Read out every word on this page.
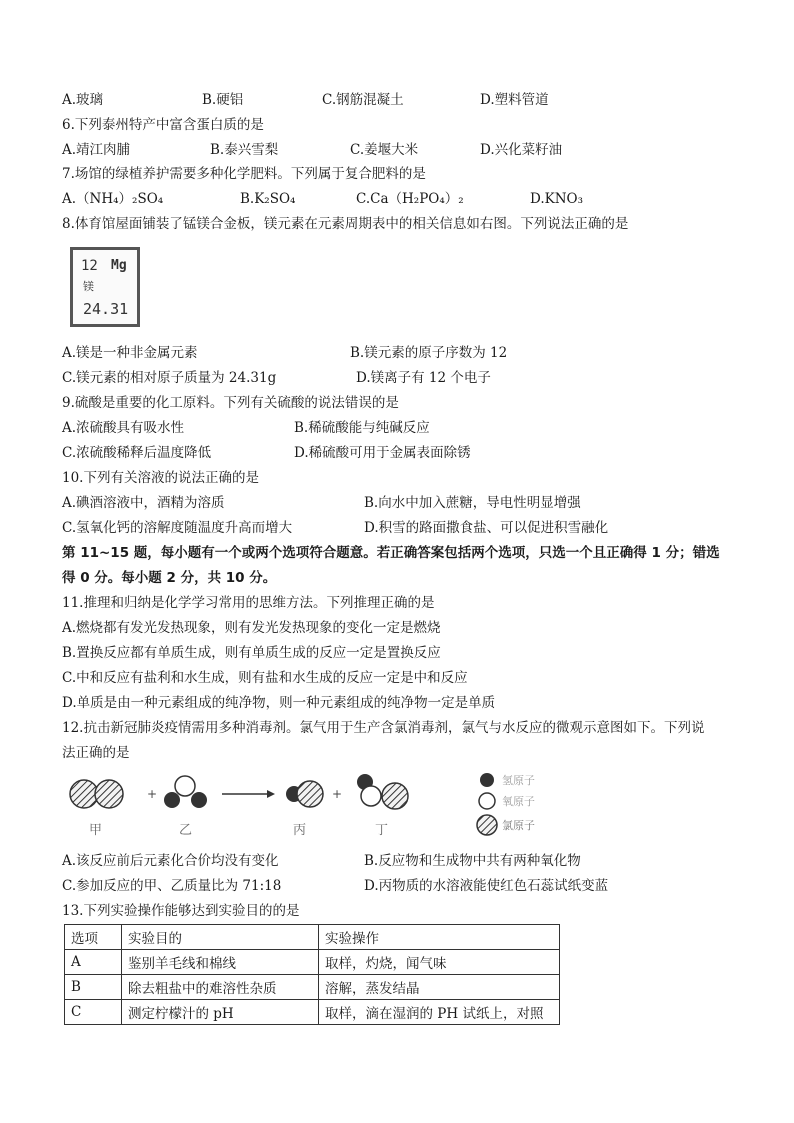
A.玻璃	B.硬铝	C.钢筋混凝土	D.塑料管道
6.下列泰州特产中富含蛋白质的是
A.靖江肉脯	B.泰兴雪梨	C.姜堰大米	D.兴化菜籽油
7.场馆的绿植养护需要多种化学肥料。下列属于复合肥料的是
A.（NH₄）₂SO₄	B.K₂SO₄	C.Ca（H₂PO₄）₂	D.KNO₃
8.体育馆屋面铺装了锰镁合金板，镁元素在元素周期表中的相关信息如右图。下列说法正确的是
12 Mg
镁
24.31
A.镁是一种非金属元素	B.镁元素的原子序数为 12
C.镁元素的相对原子质量为 24.31g	D.镁离子有 12 个电子
9.硫酸是重要的化工原料。下列有关硫酸的说法错误的是
A.浓硫酸具有吸水性	B.稀硫酸能与纯碱反应
C.浓硫酸稀释后温度降低	D.稀硫酸可用于金属表面除锈
10.下列有关溶液的说法正确的是
A.碘酒溶液中，酒精为溶质	B.向水中加入蔗糖，导电性明显增强
C.氢氧化钙的溶解度随温度升高而增大	D.积雪的路面撒食盐、可以促进积雪融化
第 11~15 题，每小题有一个或两个选项符合题意。若正确答案包括两个选项，只选一个且正确得 1 分；错选
得 0 分。每小题 2 分，共 10 分。
11.推理和归纳是化学学习常用的思维方法。下列推理正确的是
A.燃烧都有发光发热现象，则有发光发热现象的变化一定是燃烧
B.置换反应都有单质生成，则有单质生成的反应一定是置换反应
C.中和反应有盐利和水生成，则有盐和水生成的反应一定是中和反应
D.单质是由一种元素组成的纯净物，则一种元素组成的纯净物一定是单质
12.抗击新冠肺炎疫情需用多种消毒剂。氯气用于生产含氯消毒剂，氯气与水反应的微观示意图如下。下列说
法正确的是
+	+
甲	乙	丙	丁
氢原子
氧原子
氯原子
A.该反应前后元素化合价均没有变化	B.反应物和生成物中共有两种氧化物
C.参加反应的甲、乙质量比为 71:18	D.丙物质的水溶液能使红色石蕊试纸变蓝
13.下列实验操作能够达到实验目的的是
选项	实验目的	实验操作
A	鉴别羊毛线和棉线	取样，灼烧，闻气味
B	除去粗盐中的难溶性杂质	溶解，蒸发结晶
C	测定柠檬汁的 pH	取样，滴在湿润的 PH 试纸上，对照
